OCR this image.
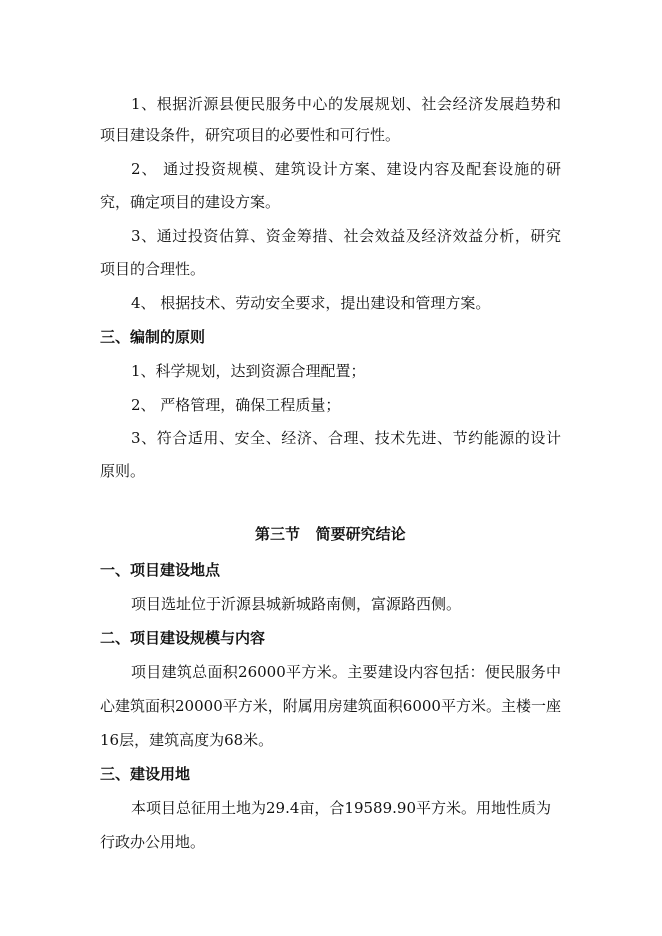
1、根据沂源县便民服务中心的发展规划、社会经济发展趋势和
项目建设条件，研究项目的必要性和可行性。
2、 通过投资规模、建筑设计方案、建设内容及配套设施的研
究，确定项目的建设方案。
3、通过投资估算、资金筹措、社会效益及经济效益分析，研究
项目的合理性。
4、 根据技术、劳动安全要求，提出建设和管理方案。
三、编制的原则
1、科学规划，达到资源合理配置；
2、 严格管理，确保工程质量；
3、符合适用、安全、经济、合理、技术先进、节约能源的设计
原则。
第三节   简要研究结论
一、项目建设地点
项目选址位于沂源县城新城路南侧，富源路西侧。
二、项目建设规模与内容
项目建筑总面积26000平方米。主要建设内容包括：便民服务中
心建筑面积20000平方米，附属用房建筑面积6000平方米。主楼一座
16层，建筑高度为68米。
三、建设用地
本项目总征用土地为29.4亩，合19589.90平方米。用地性质为
行政办公用地。
